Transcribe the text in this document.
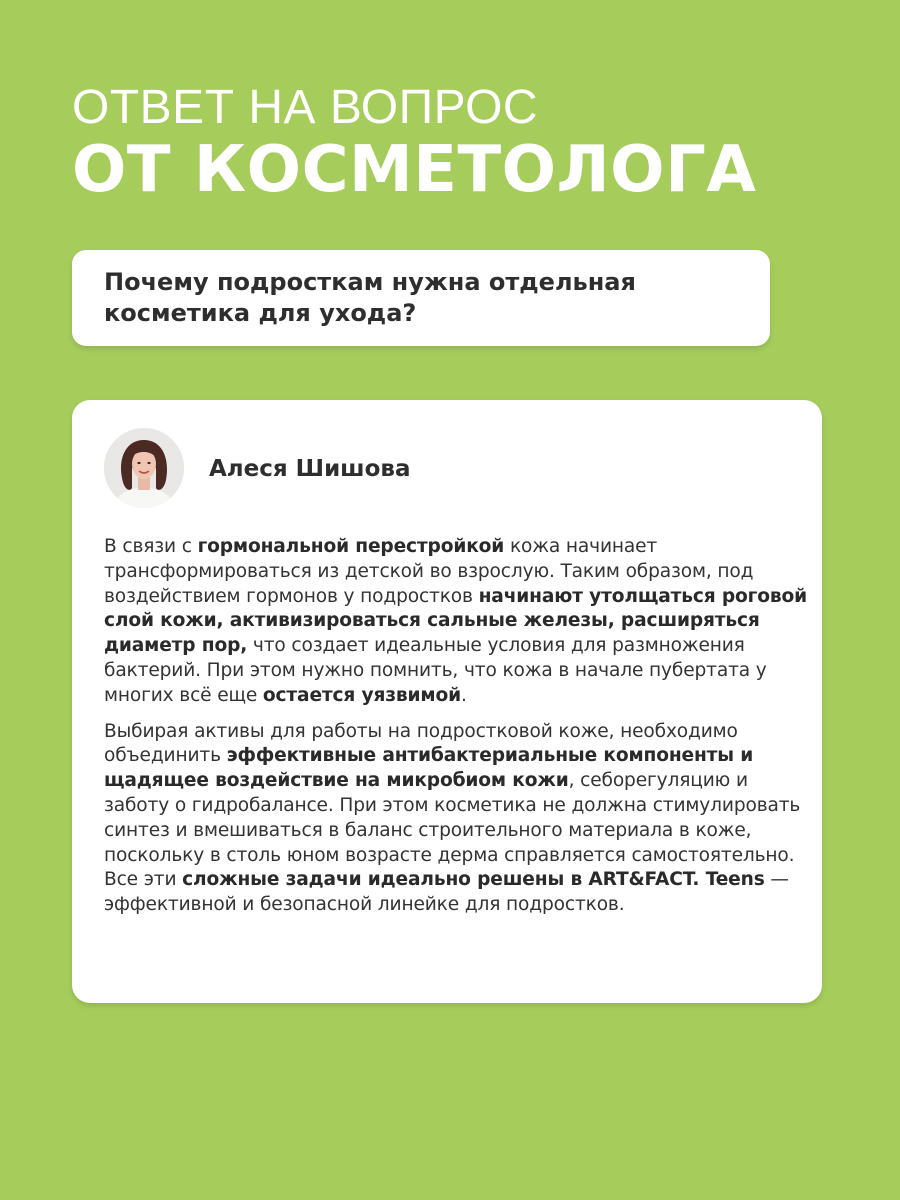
ОТВЕТ НА ВОПРОС
ОТ КОСМЕТОЛОГА
Почему подросткам нужна отдельная
косметика для ухода?
Алеся Шишова

В связи с гормональной перестройкой кожа начинает трансформироваться из детской во взрослую. Таким образом, под воздействием гормонов у подростков начинают утолщаться роговой слой кожи, активизироваться сальные железы, расширяться диаметр пор, что создает идеальные условия для размножения бактерий. При этом нужно помнить, что кожа в начале пубертата у многих всё еще остается уязвимой.

Выбирая активы для работы на подростковой коже, необходимо объединить эффективные антибактериальные компоненты и щадящее воздействие на микробиом кожи, себорегуляцию и заботу о гидробалансе. При этом косметика не должна стимулировать синтез и вмешиваться в баланс строительного материала в коже, поскольку в столь юном возрасте дерма справляется самостоятельно. Все эти сложные задачи идеально решены в ART&FACT. Teens — эффективной и безопасной линейке для подростков.
